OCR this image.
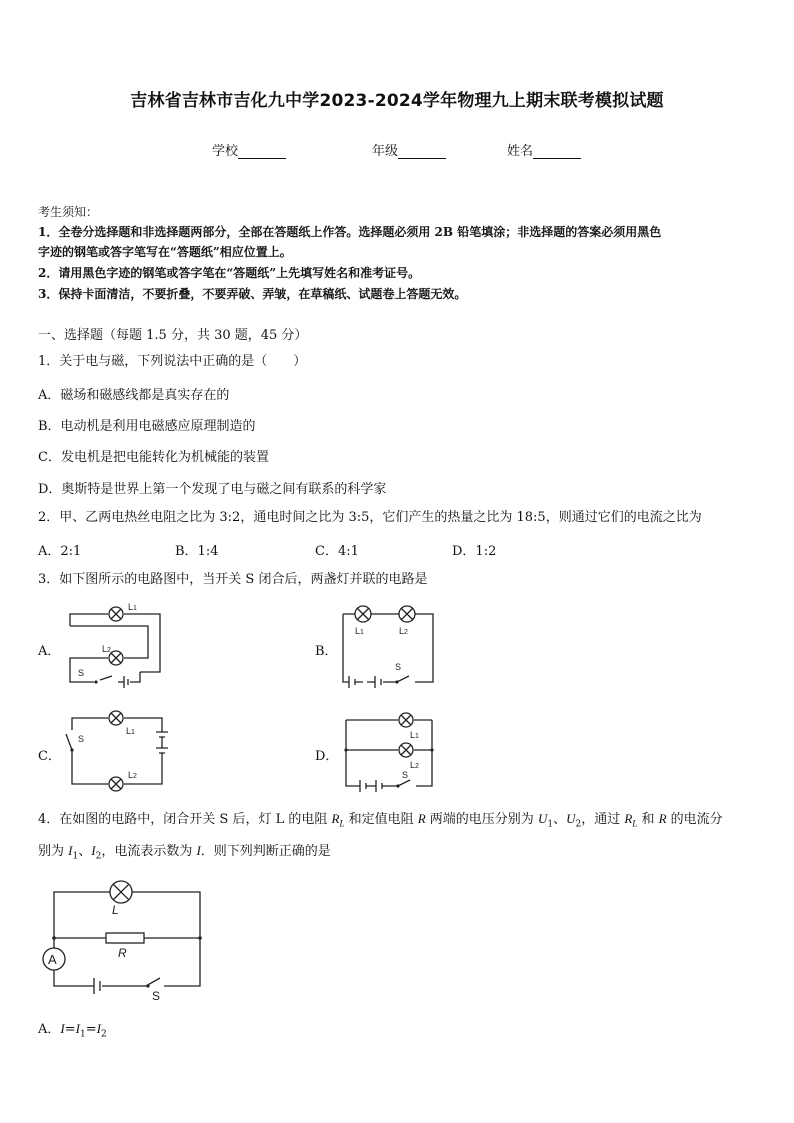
吉林省吉林市吉化九中学2023-2024学年物理九上期末联考模拟试题
学校	年级	姓名
考生须知：
1．全卷分选择题和非选择题两部分，全部在答题纸上作答。选择题必须用 2B 铅笔填涂；非选择题的答案必须用黑色
字迹的钢笔或答字笔写在“答题纸”相应位置上。
2．请用黑色字迹的钢笔或答字笔在“答题纸”上先填写姓名和准考证号。
3．保持卡面清洁，不要折叠，不要弄破、弄皱，在草稿纸、试题卷上答题无效。
一、选择题（每题 1.5 分，共 30 题，45 分）
1．关于电与磁，下列说法中正确的是（　　）
A．磁场和磁感线都是真实存在的
B．电动机是利用电磁感应原理制造的
C．发电机是把电能转化为机械能的装置
D．奥斯特是世界上第一个发现了电与磁之间有联系的科学家
2．甲、乙两电热丝电阻之比为 3:2，通电时间之比为 3:5，它们产生的热量之比为 18:5，则通过它们的电流之比为
A．2:1	B．1:4	C．4:1	D．1:2
3．如下图所示的电路图中，当开关 S 闭合后，两盏灯并联的电路是
A．	B．
C．	D．
L1
L2
S
L1	L2
S
S
L1
L2
L1
L2
S
4．在如图的电路中，闭合开关 S 后，灯 L 的电阻 $R_L$ 和定值电阻 R 两端的电压分别为 $U_1$、$U_2$，通过 $R_L$ 和 R 的电流分
别为 $I_1$、$I_2$，电流表示数为 I．则下列判断正确的是
L
R
A
S
A．$I=I_1=I_2$
